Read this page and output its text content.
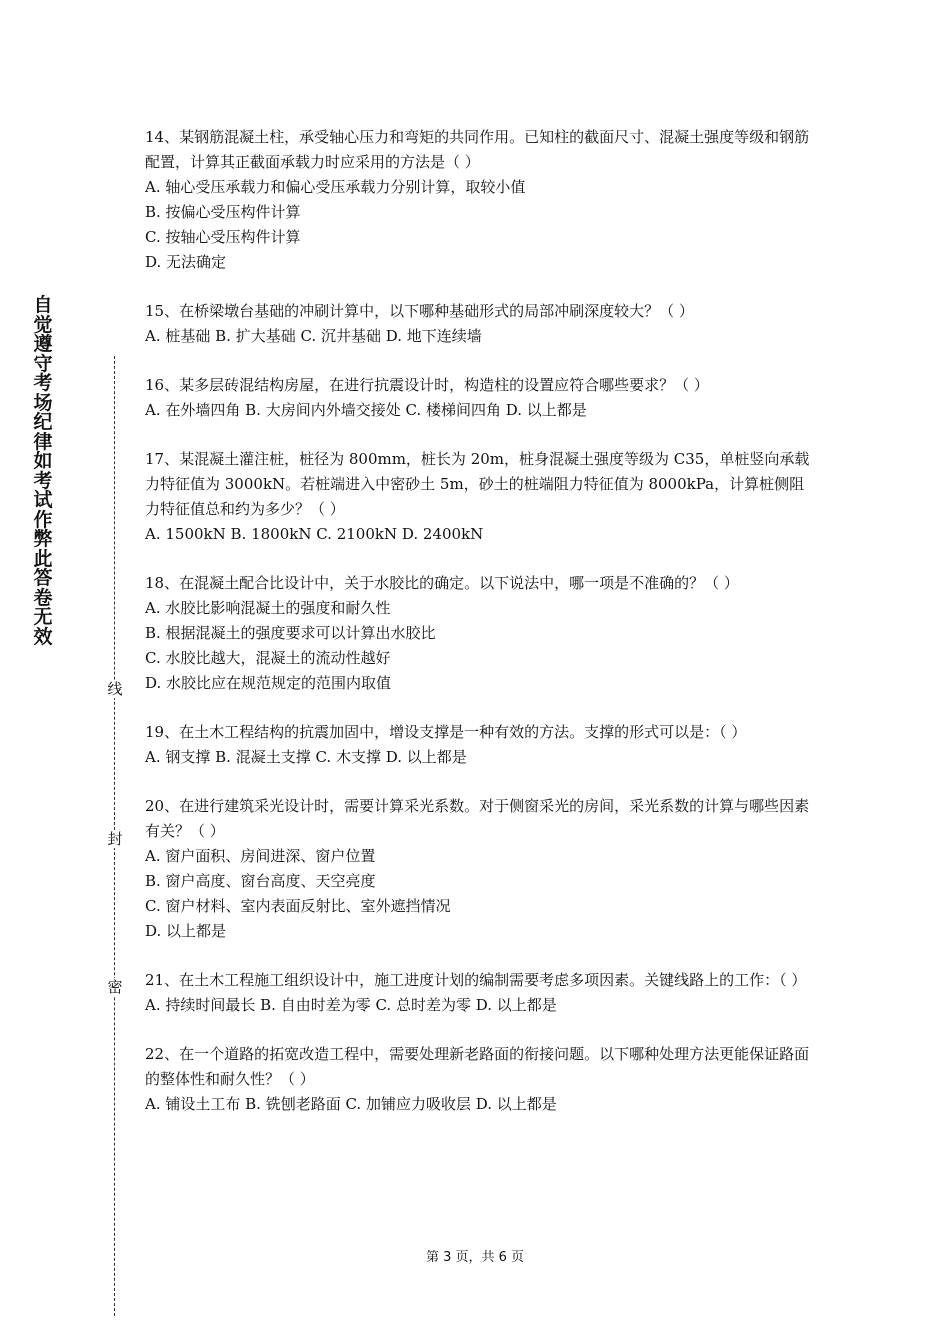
自觉遵守考场纪律如考试作弊此答卷无效
线
封
密

14、某钢筋混凝土柱，承受轴心压力和弯矩的共同作用。已知柱的截面尺寸、混凝土强度等级和钢筋配置，计算其正截面承载力时应采用的方法是（ ）

A. 轴心受压承载力和偏心受压承载力分别计算，取较小值

B. 按偏心受压构件计算

C. 按轴心受压构件计算

D. 无法确定

15、在桥梁墩台基础的冲刷计算中，以下哪种基础形式的局部冲刷深度较大？（ ）

A. 桩基础 B. 扩大基础 C. 沉井基础 D. 地下连续墙

16、某多层砖混结构房屋，在进行抗震设计时，构造柱的设置应符合哪些要求？（ ）

A. 在外墙四角 B. 大房间内外墙交接处 C. 楼梯间四角 D. 以上都是

17、某混凝土灌注桩，桩径为 800mm，桩长为 20m，桩身混凝土强度等级为 C35，单桩竖向承载力特征值为 3000kN。若桩端进入中密砂土 5m，砂土的桩端阻力特征值为 8000kPa，计算桩侧阻力特征值总和约为多少？（ ）

A. 1500kN B. 1800kN C. 2100kN D. 2400kN

18、在混凝土配合比设计中，关于水胶比的确定。以下说法中，哪一项是不准确的？（ ）

A. 水胶比影响混凝土的强度和耐久性

B. 根据混凝土的强度要求可以计算出水胶比

C. 水胶比越大，混凝土的流动性越好

D. 水胶比应在规范规定的范围内取值

19、在土木工程结构的抗震加固中，增设支撑是一种有效的方法。支撑的形式可以是：（ ）

A. 钢支撑 B. 混凝土支撑 C. 木支撑 D. 以上都是

20、在进行建筑采光设计时，需要计算采光系数。对于侧窗采光的房间，采光系数的计算与哪些因素有关？（ ）

A. 窗户面积、房间进深、窗户位置

B. 窗户高度、窗台高度、天空亮度

C. 窗户材料、室内表面反射比、室外遮挡情况

D. 以上都是

21、在土木工程施工组织设计中，施工进度计划的编制需要考虑多项因素。关键线路上的工作：（ ）

A. 持续时间最长 B. 自由时差为零 C. 总时差为零 D. 以上都是

22、在一个道路的拓宽改造工程中，需要处理新老路面的衔接问题。以下哪种处理方法更能保证路面的整体性和耐久性？（ ）

A. 铺设土工布 B. 铣刨老路面 C. 加铺应力吸收层 D. 以上都是

第 3 页，共 6 页
